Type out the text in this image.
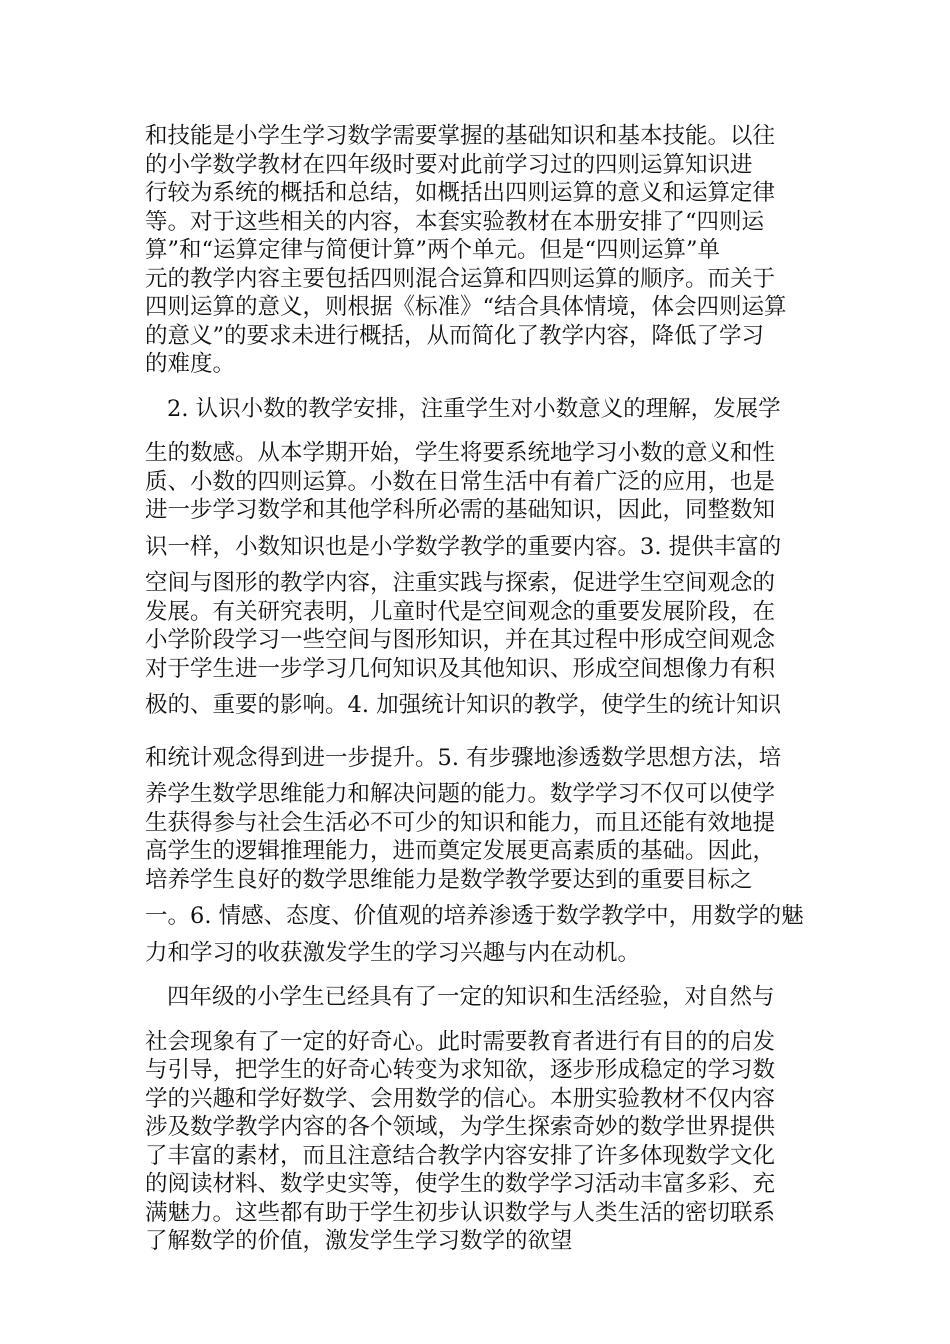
和技能是小学生学习数学需要掌握的基础知识和基本技能。以往
的小学数学教材在四年级时要对此前学习过的四则运算知识进
行较为系统的概括和总结，如概括出四则运算的意义和运算定律
等。对于这些相关的内容，本套实验教材在本册安排了“四则运
算”和“运算定律与简便计算”两个单元。但是“四则运算”单
元的教学内容主要包括四则混合运算和四则运算的顺序。而关于
四则运算的意义，则根据《标准》“结合具体情境，体会四则运算
的意义”的要求未进行概括，从而简化了教学内容，降低了学习
的难度。
2. 认识小数的教学安排，注重学生对小数意义的理解，发展学
生的数感。从本学期开始，学生将要系统地学习小数的意义和性
质、小数的四则运算。小数在日常生活中有着广泛的应用，也是
进一步学习数学和其他学科所必需的基础知识，因此，同整数知
识一样，小数知识也是小学数学教学的重要内容。3. 提供丰富的
空间与图形的教学内容，注重实践与探索，促进学生空间观念的
发展。有关研究表明，儿童时代是空间观念的重要发展阶段，在
小学阶段学习一些空间与图形知识，并在其过程中形成空间观念
对于学生进一步学习几何知识及其他知识、形成空间想像力有积
极的、重要的影响。4. 加强统计知识的教学，使学生的统计知识
和统计观念得到进一步提升。5. 有步骤地渗透数学思想方法，培
养学生数学思维能力和解决问题的能力。数学学习不仅可以使学
生获得参与社会生活必不可少的知识和能力，而且还能有效地提
高学生的逻辑推理能力，进而奠定发展更高素质的基础。因此，
培养学生良好的数学思维能力是数学教学要达到的重要目标之
一。6. 情感、态度、价值观的培养渗透于数学教学中，用数学的魅
力和学习的收获激发学生的学习兴趣与内在动机。
四年级的小学生已经具有了一定的知识和生活经验，对自然与
社会现象有了一定的好奇心。此时需要教育者进行有目的的启发
与引导，把学生的好奇心转变为求知欲，逐步形成稳定的学习数
学的兴趣和学好数学、会用数学的信心。本册实验教材不仅内容
涉及数学教学内容的各个领域，为学生探索奇妙的数学世界提供
了丰富的素材，而且注意结合教学内容安排了许多体现数学文化
的阅读材料、数学史实等，使学生的数学学习活动丰富多彩、充
满魅力。这些都有助于学生初步认识数学与人类生活的密切联系
了解数学的价值，激发学生学习数学的欲望
